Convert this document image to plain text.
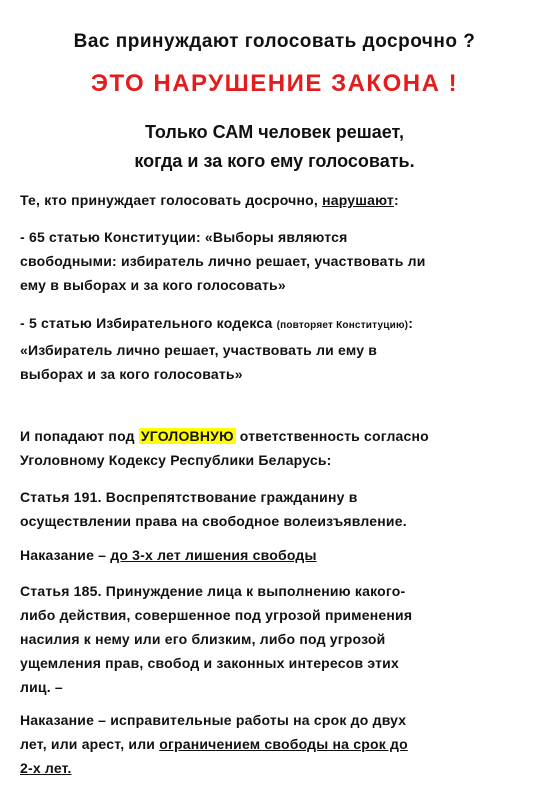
Вас принуждают голосовать досрочно ?
ЭТО НАРУШЕНИЕ ЗАКОНА !
Только САМ человек решает,
когда и за кого ему голосовать.
Те, кто принуждает голосовать досрочно, нарушают:
- 65 статью Конституции: «Выборы являются
свободными: избиратель лично решает, участвовать ли
ему в выборах и за кого голосовать»
- 5 статью Избирательного кодекса (повторяет Конституцию):
«Избиратель лично решает, участвовать ли ему в
выборах и за кого голосовать»
И попадают под УГОЛОВНУЮ ответственность согласно
Уголовному Кодексу Республики Беларусь:
Статья 191. Воспрепятствование гражданину в
осуществлении права на свободное волеизъявление.
Наказание – до 3-х лет лишения свободы
Статья 185. Принуждение лица к выполнению какого-
либо действия, совершенное под угрозой применения
насилия к нему или его близким, либо под угрозой
ущемления прав, свобод и законных интересов этих
лиц. –
Наказание – исправительные работы на срок до двух
лет, или арест, или ограничением свободы на срок до
2-х лет.
